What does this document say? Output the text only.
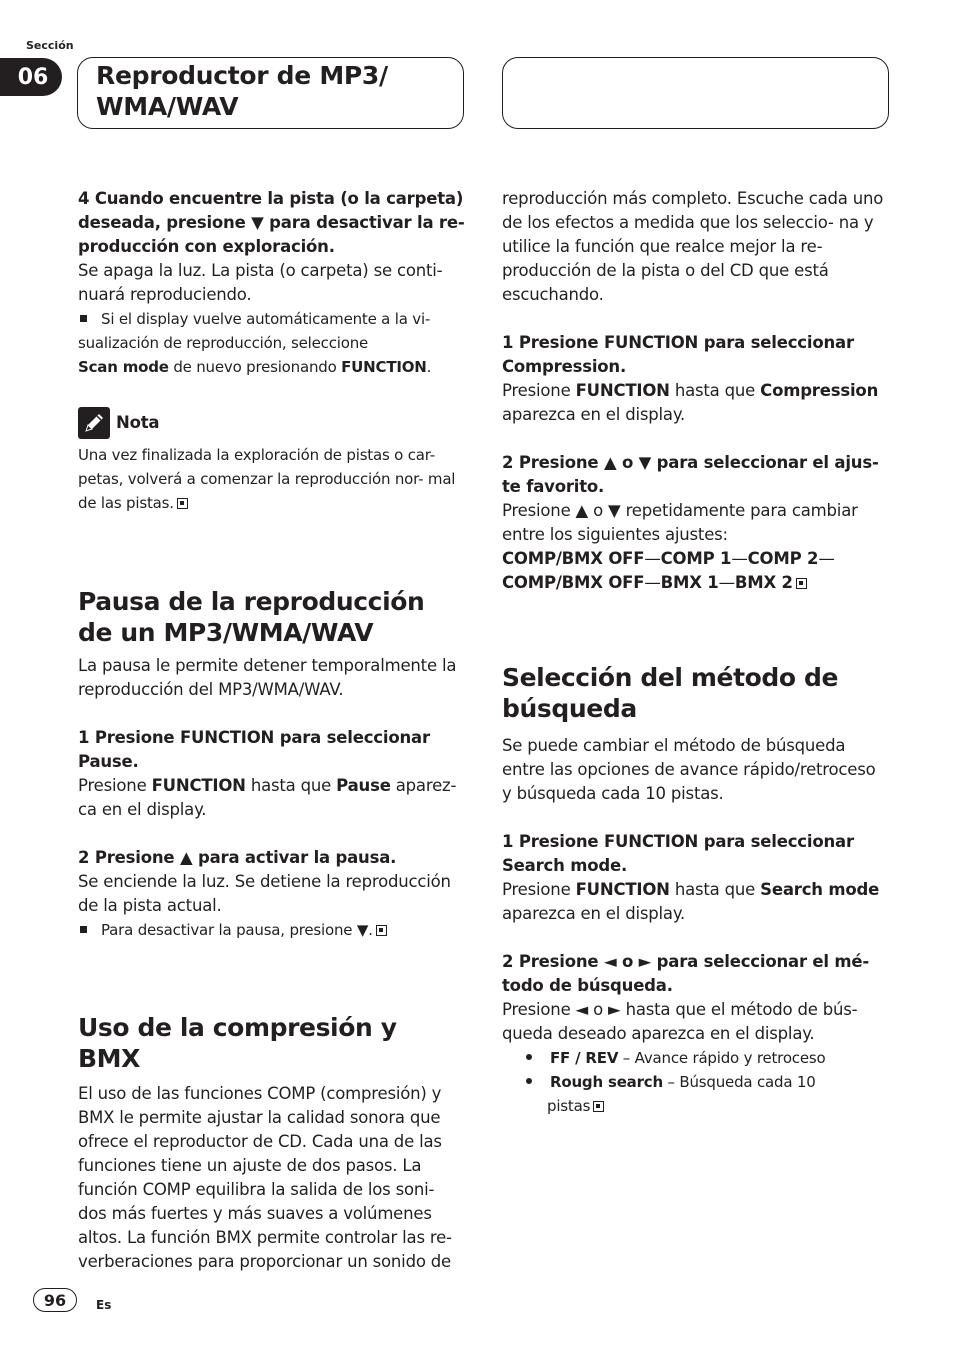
Sección
06	Reproductor de MP3/ WMA/WAV

4 Cuando encuentre la pista (o la carpeta) deseada, presione ▼ para desactivar la re- producción con exploración.

Se apaga la luz. La pista (o carpeta) se conti- nuará reproduciendo.

Si el display vuelve automáticamente a la vi- sualización de reproducción, seleccione
Scan mode de nuevo presionando FUNCTION.

Nota

Una vez finalizada la exploración de pistas o car- petas, volverá a comenzar la reproducción nor- mal de las pistas.

Pausa de la reproducción de un MP3/WMA/WAV

La pausa le permite detener temporalmente la reproducción del MP3/WMA/WAV.

1 Presione FUNCTION para seleccionar Pause.

Presione FUNCTION hasta que Pause aparez- ca en el display.

2 Presione ▲ para activar la pausa.

Se enciende la luz. Se detiene la reproducción de la pista actual.

Para desactivar la pausa, presione ▼.

Uso de la compresión y BMX

El uso de las funciones COMP (compresión) y BMX le permite ajustar la calidad sonora que ofrece el reproductor de CD. Cada una de las funciones tiene un ajuste de dos pasos. La función COMP equilibra la salida de los soni- dos más fuertes y más suaves a volúmenes altos. La función BMX permite controlar las re- verberaciones para proporcionar un sonido de

reproducción más completo. Escuche cada uno de los efectos a medida que los seleccio- na y utilice la función que realce mejor la re- producción de la pista o del CD que está escuchando.

1 Presione FUNCTION para seleccionar Compression.

Presione FUNCTION hasta que Compression aparezca en el display.

2 Presione ▲ o ▼ para seleccionar el ajus- te favorito.

Presione ▲ o ▼ repetidamente para cambiar entre los siguientes ajustes:

COMP/BMX OFF—COMP 1—COMP 2—

COMP/BMX OFF—BMX 1—BMX 2

Selección del método de búsqueda

Se puede cambiar el método de búsqueda entre las opciones de avance rápido/retroceso y búsqueda cada 10 pistas.

1 Presione FUNCTION para seleccionar Search mode.

Presione FUNCTION hasta que Search mode aparezca en el display.

2 Presione ◄ o ► para seleccionar el mé- todo de búsqueda.

Presione ◄ o ► hasta que el método de bús- queda deseado aparezca en el display.

FF / REV – Avance rápido y retroceso

Rough search – Búsqueda cada 10
pistas

96	Es
